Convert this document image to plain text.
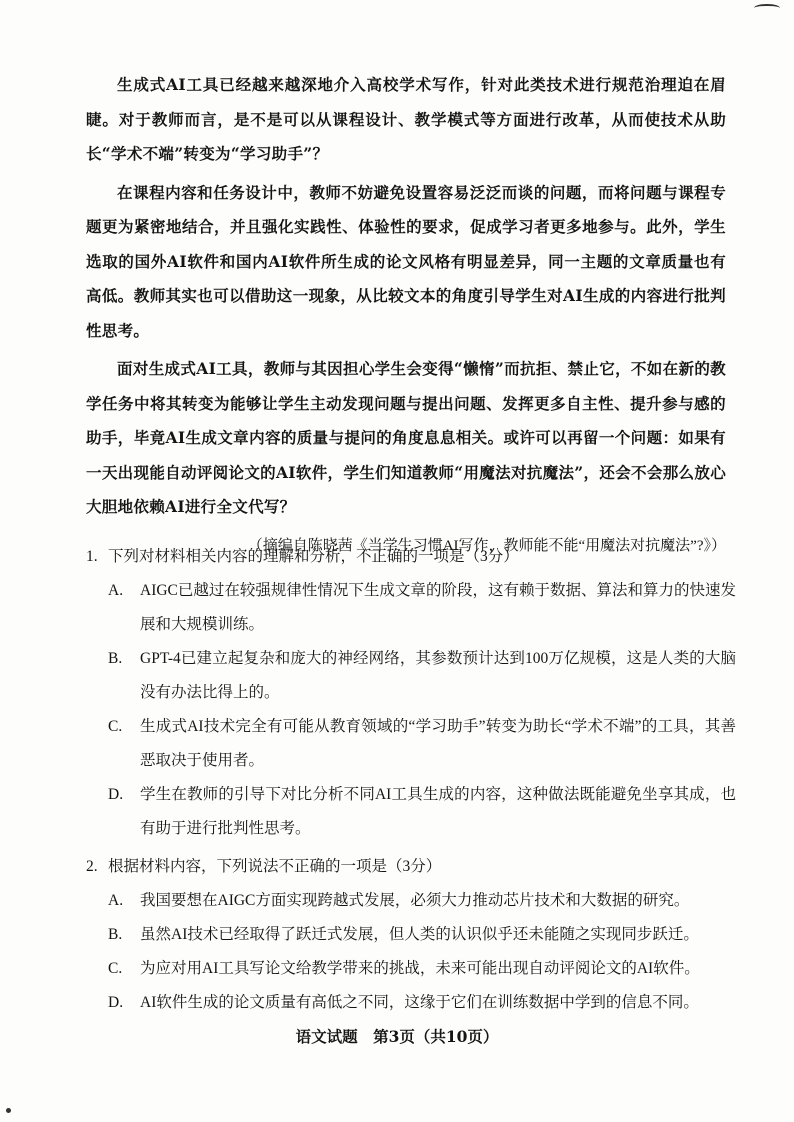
生成式AI工具已经越来越深地介入高校学术写作，针对此类技术进行规范治理迫在眉睫。对于教师而言，是不是可以从课程设计、教学模式等方面进行改革，从而使技术从助长“学术不端”转变为“学习助手”？

在课程内容和任务设计中，教师不妨避免设置容易泛泛而谈的问题，而将问题与课程专题更为紧密地结合，并且强化实践性、体验性的要求，促成学习者更多地参与。此外，学生选取的国外AI软件和国内AI软件所生成的论文风格有明显差异，同一主题的文章质量也有高低。教师其实也可以借助这一现象，从比较文本的角度引导学生对AI生成的内容进行批判性思考。

面对生成式AI工具，教师与其因担心学生会变得“懒惰”而抗拒、禁止它，不如在新的教学任务中将其转变为能够让学生主动发现问题与提出问题、发挥更多自主性、提升参与感的助手，毕竟AI生成文章内容的质量与提问的角度息息相关。或许可以再留一个问题：如果有一天出现能自动评阅论文的AI软件，学生们知道教师“用魔法对抗魔法”，还会不会那么放心大胆地依赖AI进行全文代写？

（摘编自陈晓茜《当学生习惯AI写作，教师能不能“用魔法对抗魔法”?》）

1. 下列对材料相关内容的理解和分析，不正确的一项是（3分）
A.	AIGC已越过在较强规律性情况下生成文章的阶段，这有赖于数据、算法和算力的快速发展和大规模训练。
B.	GPT-4已建立起复杂和庞大的神经网络，其参数预计达到100万亿规模，这是人类的大脑没有办法比得上的。
C.	生成式AI技术完全有可能从教育领域的“学习助手”转变为助长“学术不端”的工具，其善恶取决于使用者。
D.	学生在教师的引导下对比分析不同AI工具生成的内容，这种做法既能避免坐享其成，也有助于进行批判性思考。
2. 根据材料内容，下列说法不正确的一项是（3分）
A.	我国要想在AIGC方面实现跨越式发展，必须大力推动芯片技术和大数据的研究。
B.	虽然AI技术已经取得了跃迁式发展，但人类的认识似乎还未能随之实现同步跃迁。
C.	为应对用AI工具写论文给教学带来的挑战，未来可能出现自动评阅论文的AI软件。
D.	AI软件生成的论文质量有高低之不同，这缘于它们在训练数据中学到的信息不同。
语文试题　第3页（共10页）
